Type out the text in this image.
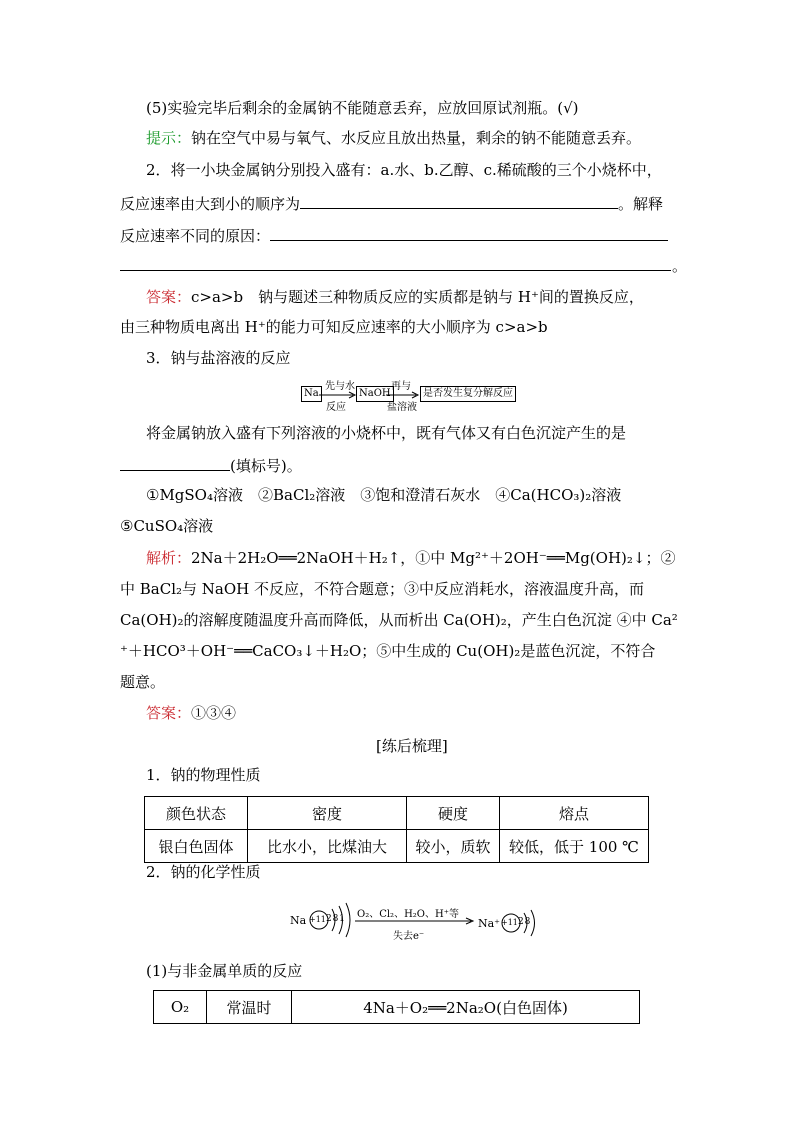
(5)实验完毕后剩余的金属钠不能随意丢弃，应放回原试剂瓶。(√)
提示：钠在空气中易与氧气、水反应且放出热量，剩余的钠不能随意丢弃。
2．将一小块金属钠分别投入盛有：a.水、b.乙醇、c.稀硫酸的三个小烧杯中，
反应速率由大到小的顺序为	。解释
反应速率不同的原因：
。
答案：c>a>b　钠与题述三种物质反应的实质都是钠与 H⁺间的置换反应，
由三种物质电离出 H⁺的能力可知反应速率的大小顺序为 c>a>b
3．钠与盐溶液的反应
Na
先与水
反应
NaOH
再与
盐溶液
是否发生复分解反应
将金属钠放入盛有下列溶液的小烧杯中，既有气体又有白色沉淀产生的是
(填标号)。
①MgSO₄溶液　②BaCl₂溶液　③饱和澄清石灰水　④Ca(HCO₃)₂溶液
⑤CuSO₄溶液
解析：2Na＋2H₂O══2NaOH＋H₂↑，①中 Mg²⁺＋2OH⁻══Mg(OH)₂↓；②
中 BaCl₂与 NaOH 不反应，不符合题意；③中反应消耗水，溶液温度升高，而
Ca(OH)₂的溶解度随温度升高而降低，从而析出 Ca(OH)₂，产生白色沉淀 ④中 Ca²
⁺＋HCO³＋OH⁻══CaCO₃↓＋H₂O；⑤中生成的 Cu(OH)₂是蓝色沉淀，不符合
题意。
答案：①③④
[练后梳理]
1．钠的物理性质
颜色状态	密度	硬度	熔点
银白色固体	比水小，比煤油大	较小，质软	较低，低于 100 ℃
2．钠的化学性质
Na +11 2 8 1 O₂、Cl₂、H₂O、H⁺等
失去e⁻
Na⁺ +11 2 8
(1)与非金属单质的反应
O₂	常温时	4Na＋O₂══2Na₂O(白色固体)
